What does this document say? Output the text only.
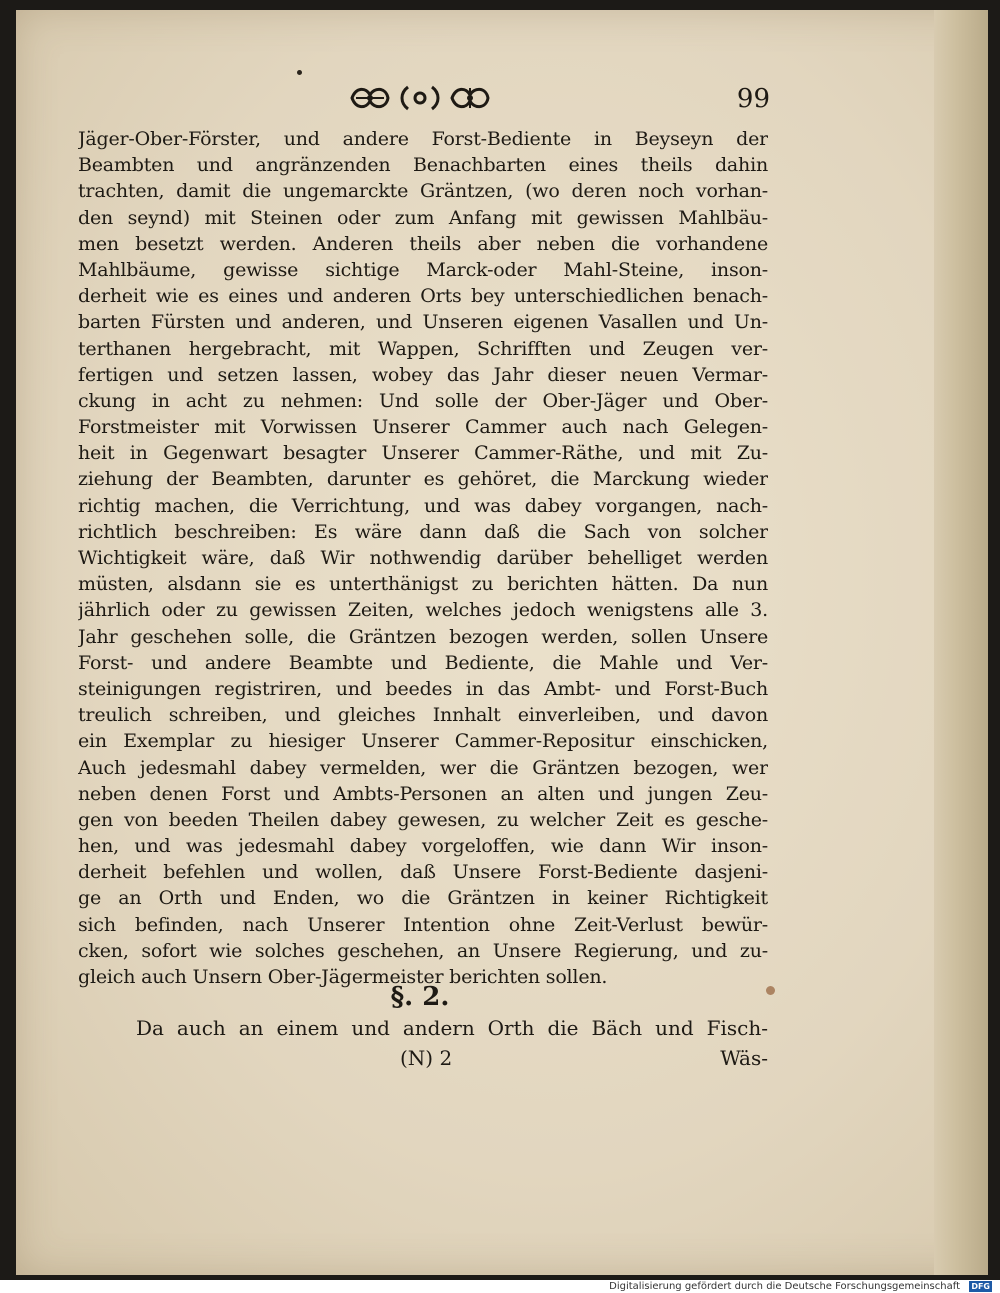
99
Jäger-Ober-Förster, und andere Forst-Bediente in Beyseyn der
Beambten und angränzenden Benachbarten eines theils dahin
trachten, damit die ungemarckte Gräntzen, (wo deren noch vorhan-
den seynd) mit Steinen oder zum Anfang mit gewissen Mahlbäu-
men besetzt werden. Anderen theils aber neben die vorhandene
Mahlbäume, gewisse sichtige Marck-oder Mahl-Steine, inson-
derheit wie es eines und anderen Orts bey unterschiedlichen benach-
barten Fürsten und anderen, und Unseren eigenen Vasallen und Un-
terthanen hergebracht, mit Wappen, Schrifften und Zeugen ver-
fertigen und setzen lassen, wobey das Jahr dieser neuen Vermar-
ckung in acht zu nehmen: Und solle der Ober-Jäger und Ober-
Forstmeister mit Vorwissen Unserer Cammer auch nach Gelegen-
heit in Gegenwart besagter Unserer Cammer-Räthe, und mit Zu-
ziehung der Beambten, darunter es gehöret, die Marckung wieder
richtig machen, die Verrichtung, und was dabey vorgangen, nach-
richtlich beschreiben: Es wäre dann daß die Sach von solcher
Wichtigkeit wäre, daß Wir nothwendig darüber behelliget werden
müsten, alsdann sie es unterthänigst zu berichten hätten. Da nun
jährlich oder zu gewissen Zeiten, welches jedoch wenigstens alle 3.
Jahr geschehen solle, die Gräntzen bezogen werden, sollen Unsere
Forst- und andere Beambte und Bediente, die Mahle und Ver-
steinigungen registriren, und beedes in das Ambt- und Forst-Buch
treulich schreiben, und gleiches Innhalt einverleiben, und davon
ein Exemplar zu hiesiger Unserer Cammer-Repositur einschicken,
Auch jedesmahl dabey vermelden, wer die Gräntzen bezogen, wer
neben denen Forst und Ambts-Personen an alten und jungen Zeu-
gen von beeden Theilen dabey gewesen, zu welcher Zeit es gesche-
hen, und was jedesmahl dabey vorgeloffen, wie dann Wir inson-
derheit befehlen und wollen, daß Unsere Forst-Bediente dasjeni-
ge an Orth und Enden, wo die Gräntzen in keiner Richtigkeit
sich befinden, nach Unserer Intention ohne Zeit-Verlust bewür-
cken, sofort wie solches geschehen, an Unsere Regierung, und zu-
gleich auch Unsern Ober-Jägermeister berichten sollen.
§. 2.
Da auch an einem und andern Orth die Bäch und Fisch-
(N) 2	Wäs-
Digitalisierung gefördert durch die Deutsche Forschungsgemeinschaft DFG
